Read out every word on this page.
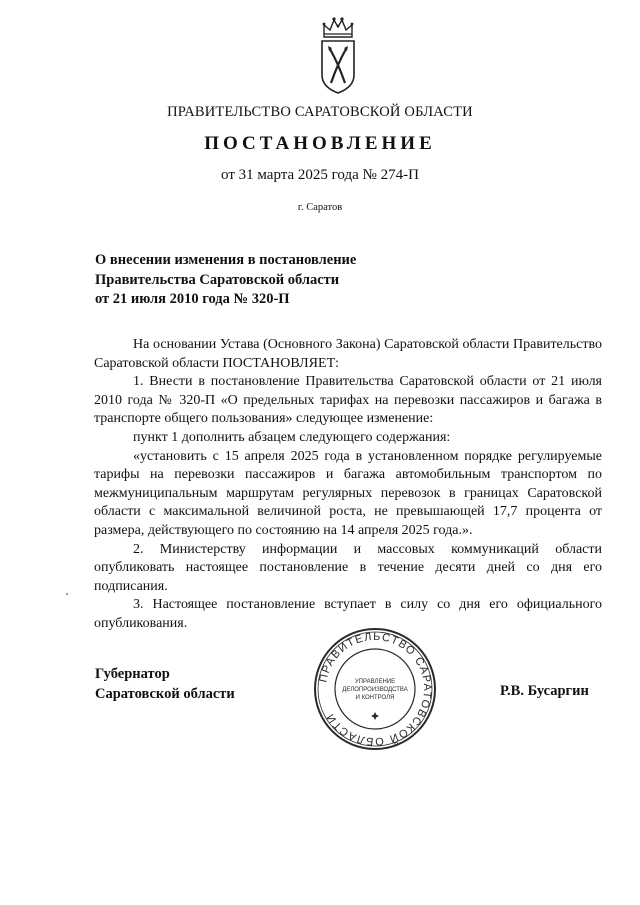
ПРАВИТЕЛЬСТВО САРАТОВСКОЙ ОБЛАСТИ
ПОСТАНОВЛЕНИЕ
от 31 марта 2025 года № 274-П
г. Саратов
О внесении изменения в постановление
Правительства Саратовской области
от 21 июля 2010 года № 320-П

На основании Устава (Основного Закона) Саратовской области Правительство Саратовской области ПОСТАНОВЛЯЕТ:

1. Внести в постановление Правительства Саратовской области от 21 июля 2010 года № 320-П «О предельных тарифах на перевозки пассажиров и багажа в транспорте общего пользования» следующее изменение:

пункт 1 дополнить абзацем следующего содержания:

«установить с 15 апреля 2025 года в установленном порядке регулируемые тарифы на перевозки пассажиров и багажа автомобильным транспортом по межмуниципальным маршрутам регулярных перевозок в границах Саратовской области с максимальной величиной роста, не превышающей 17,7 процента от размера, действующего по состоянию на 14 апреля 2025 года.».

2. Министерству информации и массовых коммуникаций области опубликовать настоящее постановление в течение десяти дней со дня его подписания.

3. Настоящее постановление вступает в силу со дня его официального опубликования.

Губернатор
Саратовской области	Р.В. Бусаргин
ПРАВИТЕЛЬСТВО САРАТОВСКОЙ ОБЛАСТИ
УПРАВЛЕНИЕ
ДЕЛОПРОИЗВОДСТВА
И КОНТРОЛЯ
